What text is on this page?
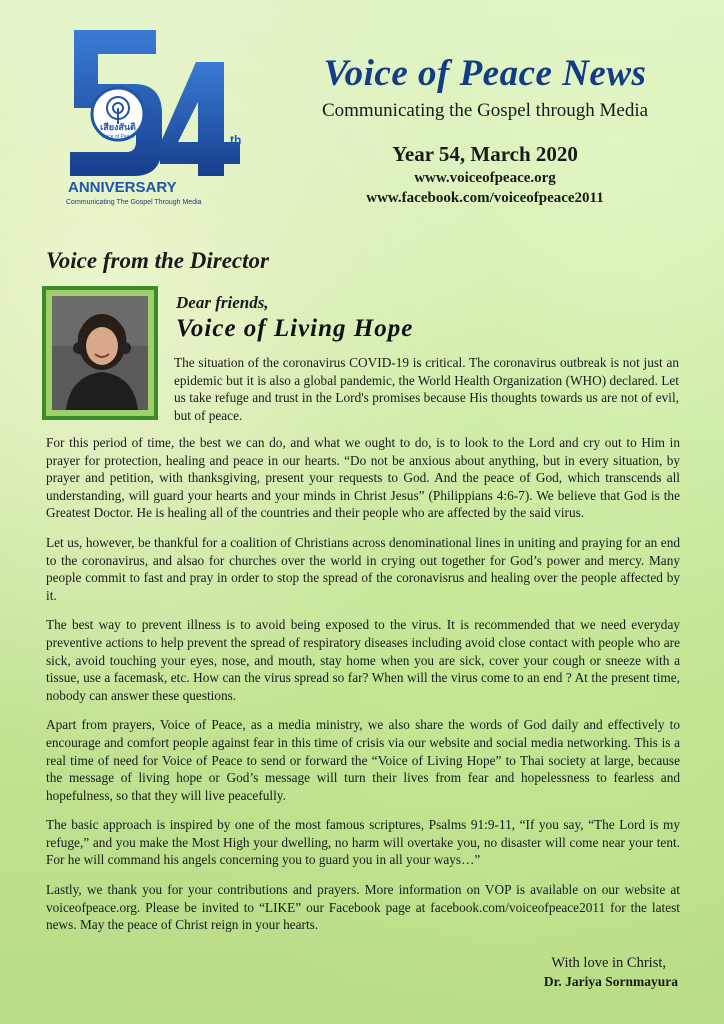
เสียงสันติ
Voice of Peace	th
ANNIVERSARY
Communicating The Gospel Through Media
Voice of Peace News
Communicating the Gospel through Media
Year 54, March 2020
www.voiceofpeace.org
www.facebook.com/voiceofpeace2011
Voice from the Director
Dear friends,
Voice of Living Hope

The situation of the coronavirus COVID-19 is critical. The coronavirus outbreak is not just an epidemic but it is also a global pandemic, the World Health Organization (WHO) declared. Let us take refuge and trust in the Lord's promises because His thoughts towards us are not of evil, but of peace.

For this period of time, the best we can do, and what we ought to do, is to look to the Lord and cry out to Him in prayer for protection, healing and peace in our hearts. “Do not be anxious about anything, but in every situation, by prayer and petition, with thanksgiving, present your requests to God. And the peace of God, which transcends all understanding, will guard your hearts and your minds in Christ Jesus” (Philippians 4:6-7). We believe that God is the Greatest Doctor. He is healing all of the countries and their people who are affected by the said virus.

Let us, however, be thankful for a coalition of Christians across denominational lines in uniting and praying for an end to the coronavirus, and alsao for churches over the world in crying out together for God’s power and mercy. Many people commit to fast and pray in order to stop the spread of the coronavisrus and healing over the people affected by it.

The best way to prevent illness is to avoid being exposed to the virus. It is recommended that we need everyday preventive actions to help prevent the spread of respiratory diseases including avoid close contact with people who are sick, avoid touching your eyes, nose, and mouth, stay home when you are sick, cover your cough or sneeze with a tissue, use a facemask, etc. How can the virus spread so far? When will the virus come to an end ? At the present time, nobody can answer these questions.

Apart from prayers, Voice of Peace, as a media ministry, we also share the words of God daily and effectively to encourage and comfort people against fear in this time of crisis via our website and social media networking. This is a real time of need for Voice of Peace to send or forward the “Voice of Living Hope” to Thai society at large, because the message of living hope or God’s message will turn their lives from fear and hopelessness to fearless and hopefulness, so that they will live peacefully.

The basic approach is inspired by one of the most famous scriptures, Psalms 91:9-11, “If you say, “The Lord is my refuge,” and you make the Most High your dwelling, no harm will overtake you, no disaster will come near your tent. For he will command his angels concerning you to guard you in all your ways…”

Lastly, we thank you for your contributions and prayers. More information on VOP is available on our website at voiceofpeace.org. Please be invited to “LIKE” our Facebook page at facebook.com/voiceofpeace2011 for the latest news. May the peace of Christ reign in your hearts.

With love in Christ,
Dr. Jariya Sornmayura
